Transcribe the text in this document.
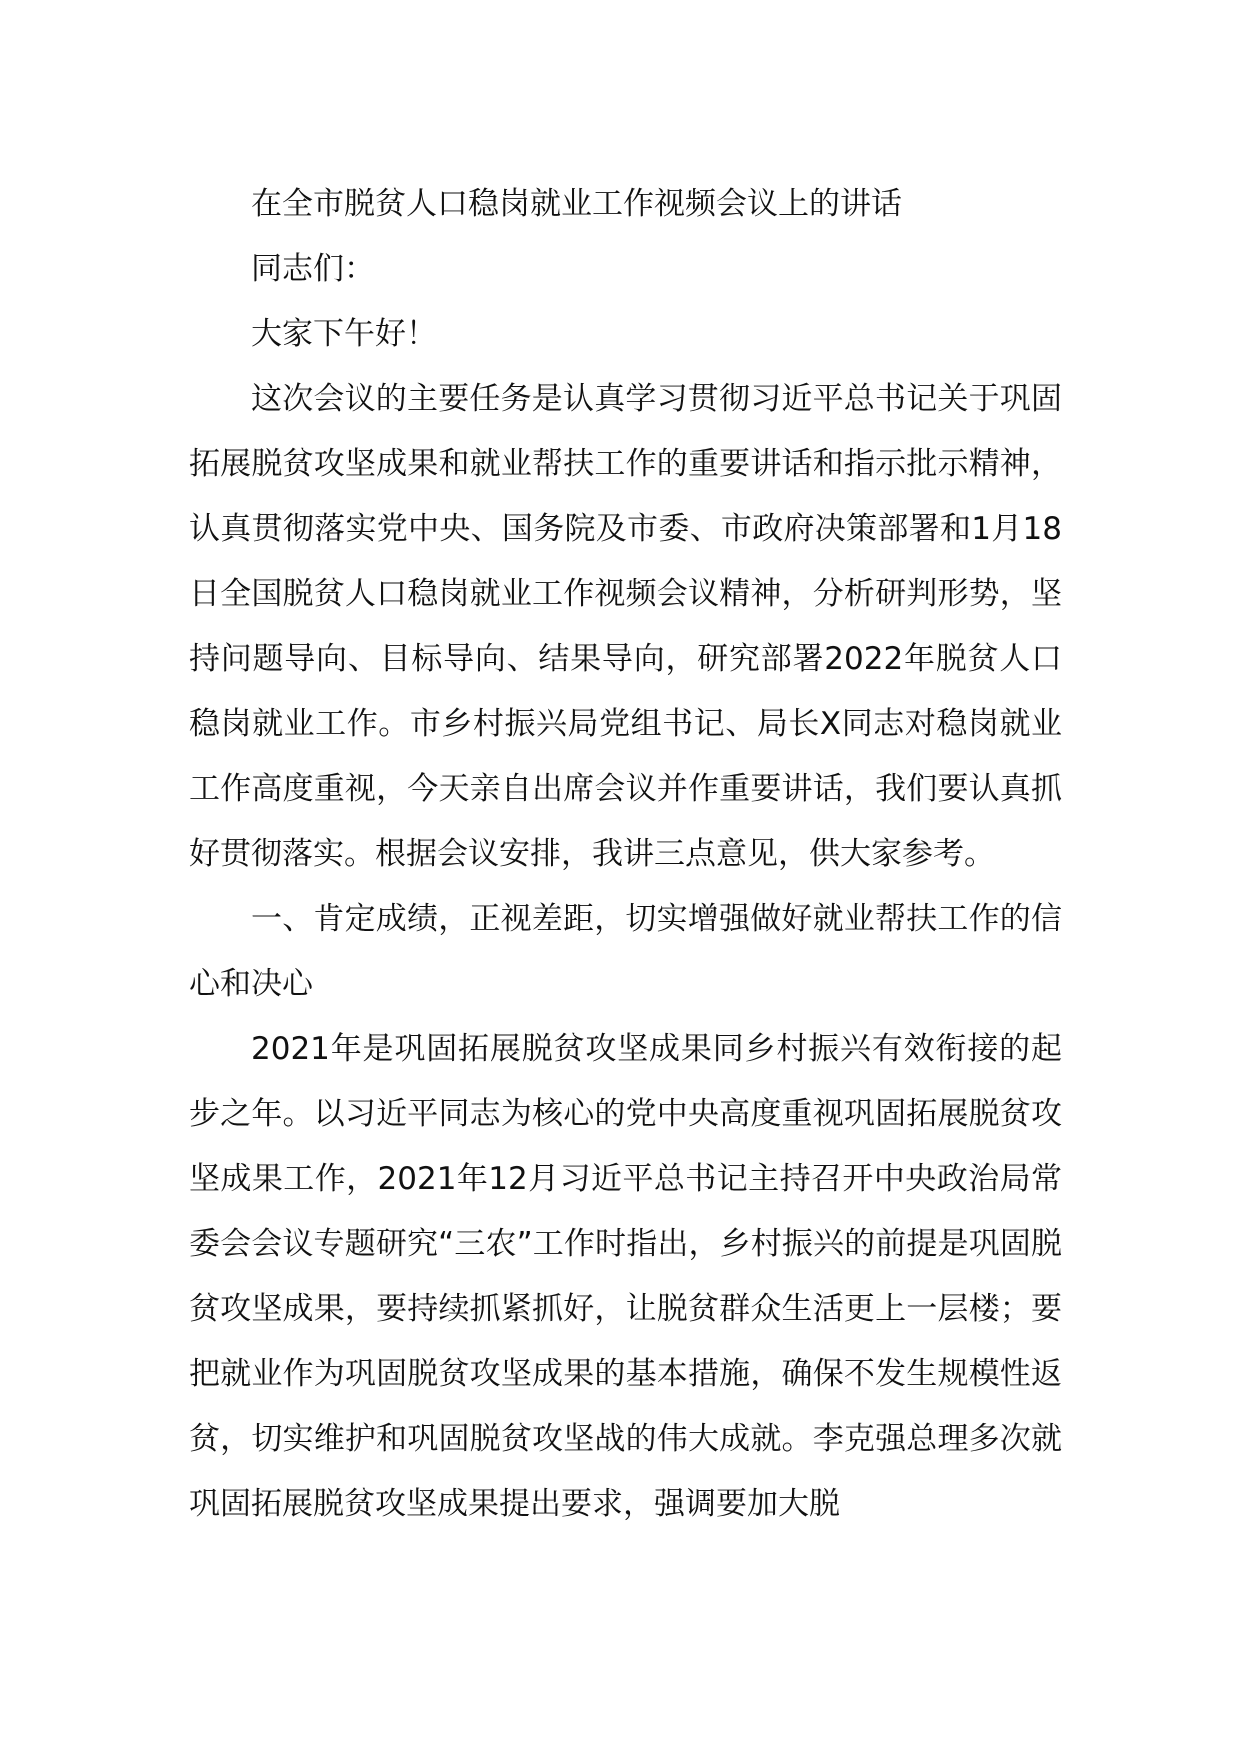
在全市脱贫人口稳岗就业工作视频会议上的讲话

同志们：

大家下午好！

这次会议的主要任务是认真学习贯彻习近平总书记关于巩固拓展脱贫攻坚成果和就业帮扶工作的重要讲话和指示批示精神，认真贯彻落实党中央、国务院及市委、市政府决策部署和1月18日全国脱贫人口稳岗就业工作视频会议精神，分析研判形势，坚持问题导向、目标导向、结果导向，研究部署2022年脱贫人口稳岗就业工作。市乡村振兴局党组书记、局长X同志对稳岗就业工作高度重视，今天亲自出席会议并作重要讲话，我们要认真抓好贯彻落实。根据会议安排，我讲三点意见，供大家参考。

一、肯定成绩，正视差距，切实增强做好就业帮扶工作的信心和决心

2021年是巩固拓展脱贫攻坚成果同乡村振兴有效衔接的起步之年。以习近平同志为核心的党中央高度重视巩固拓展脱贫攻坚成果工作，2021年12月习近平总书记主持召开中央政治局常委会会议专题研究“三农”工作时指出，乡村振兴的前提是巩固脱贫攻坚成果，要持续抓紧抓好，让脱贫群众生活更上一层楼；要把就业作为巩固脱贫攻坚成果的基本措施，确保不发生规模性返贫，切实维护和巩固脱贫攻坚战的伟大成就。李克强总理多次就巩固拓展脱贫攻坚成果提出要求，强调要加大脱
